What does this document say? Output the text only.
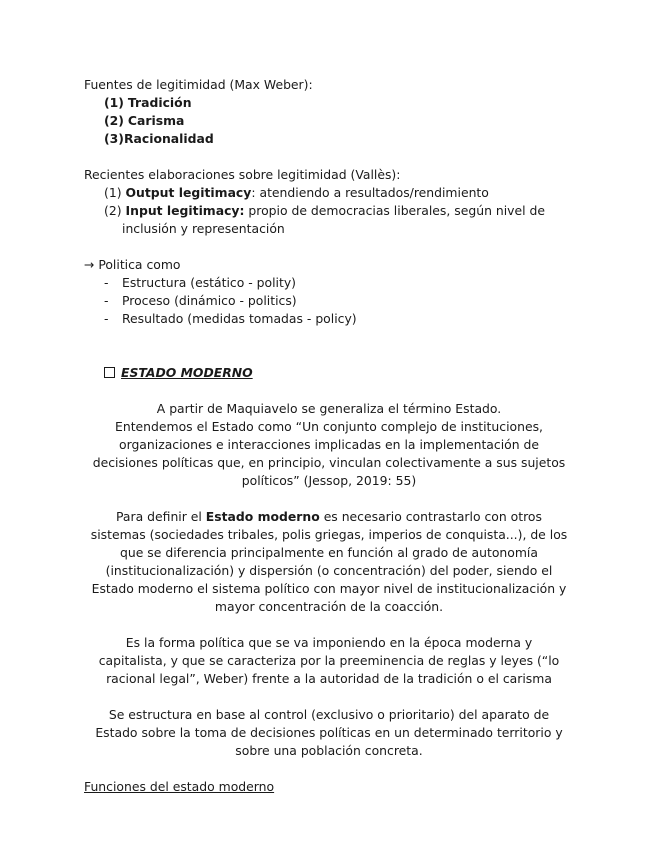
Fuentes de legitimidad (Max Weber):
(1) Tradición
(2) Carisma
(3)Racionalidad
Recientes elaboraciones sobre legitimidad (Vallès):
(1) Output legitimacy: atendiendo a resultados/rendimiento
(2) Input legitimacy: propio de democracias liberales, según nivel de
inclusión y representación
→ Politica como
- Estructura (estático - polity)
- Proceso (dinámico - politics)
- Resultado (medidas tomadas - policy)
ESTADO MODERNO
A partir de Maquiavelo se generaliza el término Estado.
Entendemos el Estado como “Un conjunto complejo de instituciones,
organizaciones e interacciones implicadas en la implementación de
decisiones políticas que, en principio, vinculan colectivamente a sus sujetos
políticos” (Jessop, 2019: 55)
Para definir el Estado moderno es necesario contrastarlo con otros
sistemas (sociedades tribales, polis griegas, imperios de conquista...), de los
que se diferencia principalmente en función al grado de autonomía
(institucionalización) y dispersión (o concentración) del poder, siendo el
Estado moderno el sistema político con mayor nivel de institucionalización y
mayor concentración de la coacción.
Es la forma política que se va imponiendo en la época moderna y
capitalista, y que se caracteriza por la preeminencia de reglas y leyes (“lo
racional legal”, Weber) frente a la autoridad de la tradición o el carisma
Se estructura en base al control (exclusivo o prioritario) del aparato de
Estado sobre la toma de decisiones políticas en un determinado territorio y
sobre una población concreta.
Funciones del estado moderno
